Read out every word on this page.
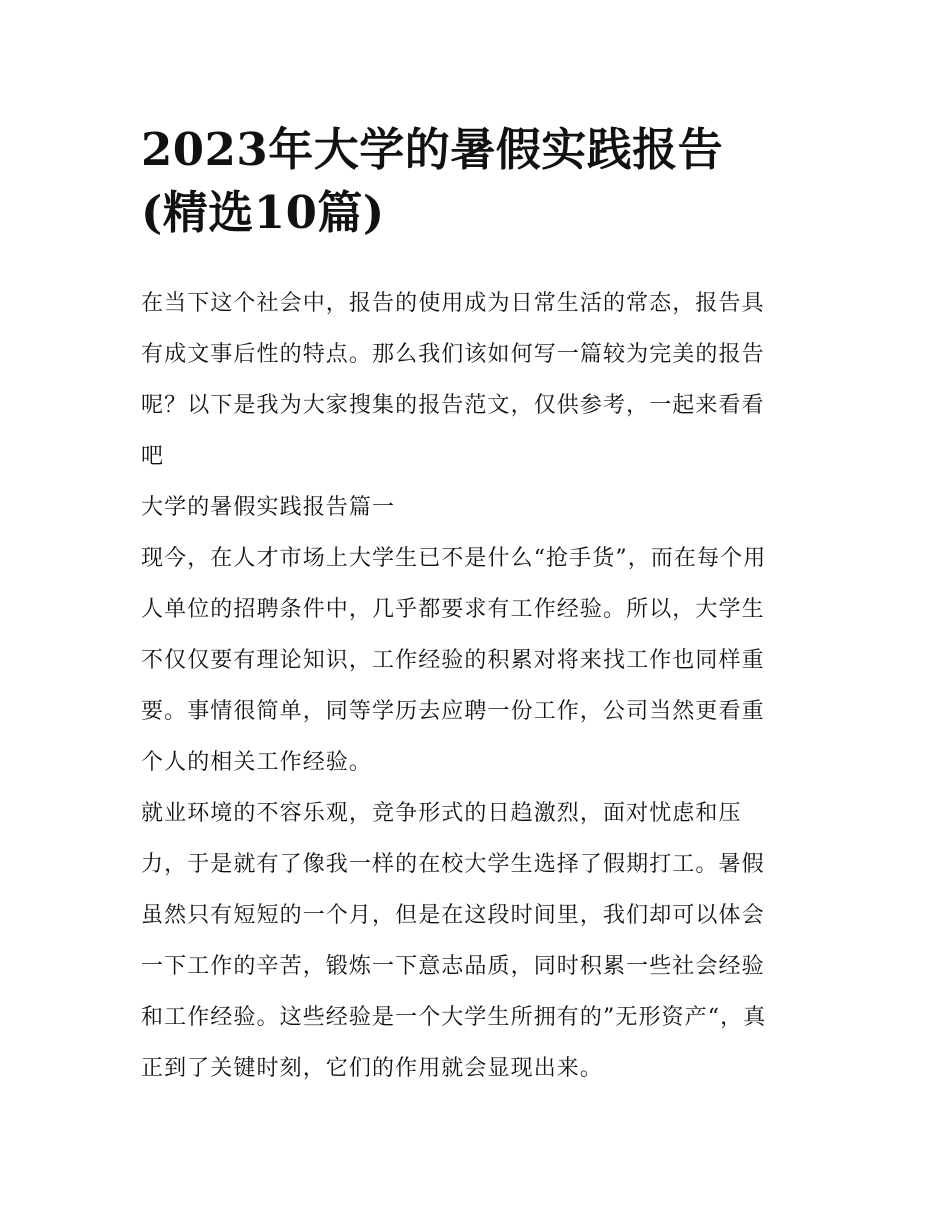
2023年大学的暑假实践报告
(精选10篇)

在当下这个社会中，报告的使用成为日常生活的常态，报告具
有成文事后性的特点。那么我们该如何写一篇较为完美的报告
呢？以下是我为大家搜集的报告范文，仅供参考，一起来看看
吧

大学的暑假实践报告篇一

现今，在人才市场上大学生已不是什么“抢手货”，而在每个用
人单位的招聘条件中，几乎都要求有工作经验。所以，大学生
不仅仅要有理论知识，工作经验的积累对将来找工作也同样重
要。事情很简单，同等学历去应聘一份工作，公司当然更看重
个人的相关工作经验。

就业环境的不容乐观，竞争形式的日趋激烈，面对忧虑和压
力，于是就有了像我一样的在校大学生选择了假期打工。暑假
虽然只有短短的一个月，但是在这段时间里，我们却可以体会
一下工作的辛苦，锻炼一下意志品质，同时积累一些社会经验
和工作经验。这些经验是一个大学生所拥有的”无形资产“，真
正到了关键时刻，它们的作用就会显现出来。
